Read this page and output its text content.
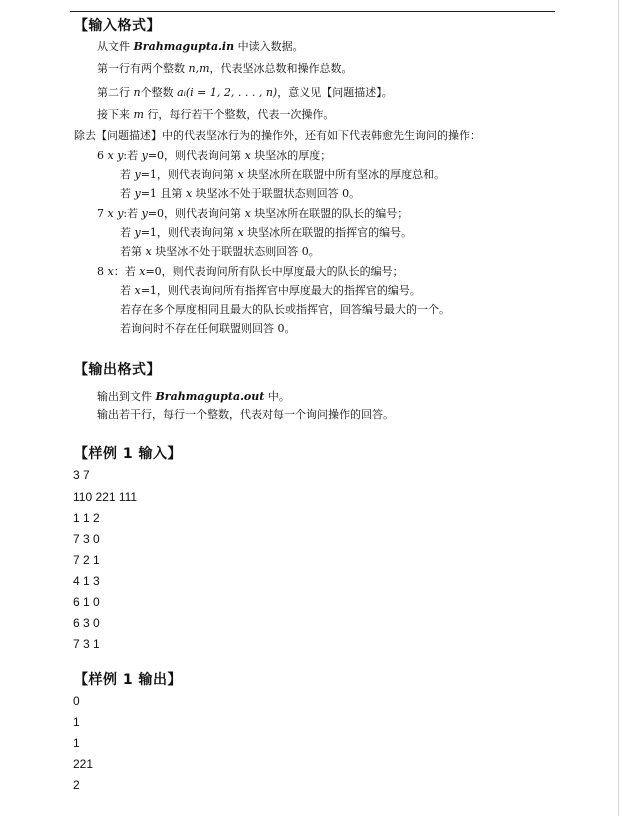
【输入格式】
从文件 Brahmagupta.in 中读入数据。
第一行有两个整数 n,m，代表坚冰总数和操作总数。
第二行 n个整数 aᵢ(i = 1, 2, . . . , n)，意义见【问题描述】。
接下来 m 行，每行若干个整数，代表一次操作。
除去【问题描述】中的代表坚冰行为的操作外，还有如下代表韩愈先生询问的操作：
6 x y:若 y=0，则代表询问第 x 块坚冰的厚度；
若 y=1，则代表询问第 x 块坚冰所在联盟中所有坚冰的厚度总和。
若 y=1 且第 x 块坚冰不处于联盟状态则回答 0。
7 x y:若 y=0，则代表询问第 x 块坚冰所在联盟的队长的编号；
若 y=1，则代表询问第 x 块坚冰所在联盟的指挥官的编号。
若第 x 块坚冰不处于联盟状态则回答 0。
8 x：若 x=0，则代表询问所有队长中厚度最大的队长的编号；
若 x=1，则代表询问所有指挥官中厚度最大的指挥官的编号。
若存在多个厚度相同且最大的队长或指挥官，回答编号最大的一个。
若询问时不存在任何联盟则回答 0。
【输出格式】
输出到文件 Brahmagupta.out 中。
输出若干行，每行一个整数，代表对每一个询问操作的回答。
【样例 1 输入】
3 7
110 221 111
1 1 2
7 3 0
7 2 1
4 1 3
6 1 0
6 3 0
7 3 1
【样例 1 输出】
0
1
1
221
2
